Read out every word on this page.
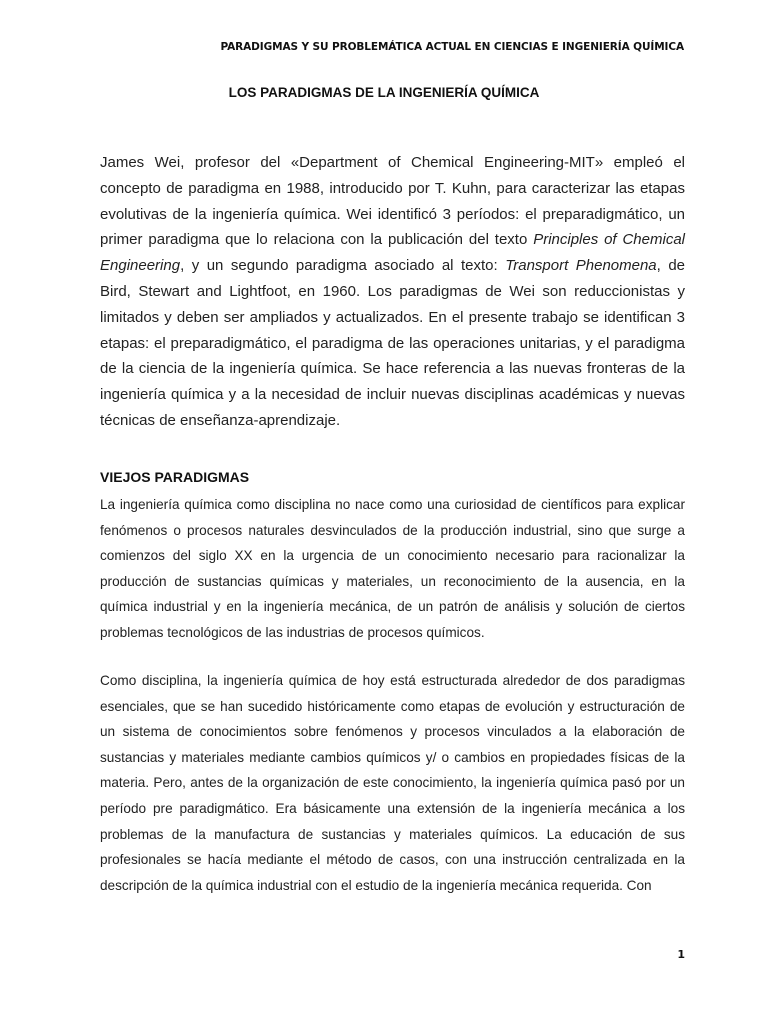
PARADIGMAS Y SU PROBLEMÁTICA ACTUAL EN CIENCIAS E INGENIERÍA QUÍMICA
LOS PARADIGMAS DE LA INGENIERÍA QUÍMICA

James Wei, profesor del «Department of Chemical Engineering-MIT» empleó el concepto de paradigma en 1988, introducido por T. Kuhn, para caracterizar las etapas evolutivas de la ingeniería química. Wei identificó 3 períodos: el preparadigmático, un primer paradigma que lo relaciona con la publicación del texto Principles of Chemical Engineering, y un segundo paradigma asociado al texto: Transport Phenomena, de Bird, Stewart and Lightfoot, en 1960. Los paradigmas de Wei son reduccionistas y limitados y deben ser ampliados y actualizados. En el presente trabajo se identifican 3 etapas: el preparadigmático, el paradigma de las operaciones unitarias, y el paradigma de la ciencia de la ingeniería química. Se hace referencia a las nuevas fronteras de la ingeniería química y a la necesidad de incluir nuevas disciplinas académicas y nuevas técnicas de enseñanza-aprendizaje.

VIEJOS PARADIGMAS

La ingeniería química como disciplina no nace como una curiosidad de científicos para explicar fenómenos o procesos naturales desvinculados de la producción industrial, sino que surge a comienzos del siglo XX en la urgencia de un conocimiento necesario para racionalizar la producción de sustancias químicas y materiales, un reconocimiento de la ausencia, en la química industrial y en la ingeniería mecánica, de un patrón de análisis y solución de ciertos problemas tecnológicos de las industrias de procesos químicos.

Como disciplina, la ingeniería química de hoy está estructurada alrededor de dos paradigmas esenciales, que se han sucedido históricamente como etapas de evolución y estructuración de un sistema de conocimientos sobre fenómenos y procesos vinculados a la elaboración de sustancias y materiales mediante cambios químicos y/ o cambios en propiedades físicas de la materia. Pero, antes de la organización de este conocimiento, la ingeniería química pasó por un período pre paradigmático. Era básicamente una extensión de la ingeniería mecánica a los problemas de la manufactura de sustancias y materiales químicos. La educación de sus profesionales se hacía mediante el método de casos, con una instrucción centralizada en la descripción de la química industrial con el estudio de la ingeniería mecánica requerida. Con

1
